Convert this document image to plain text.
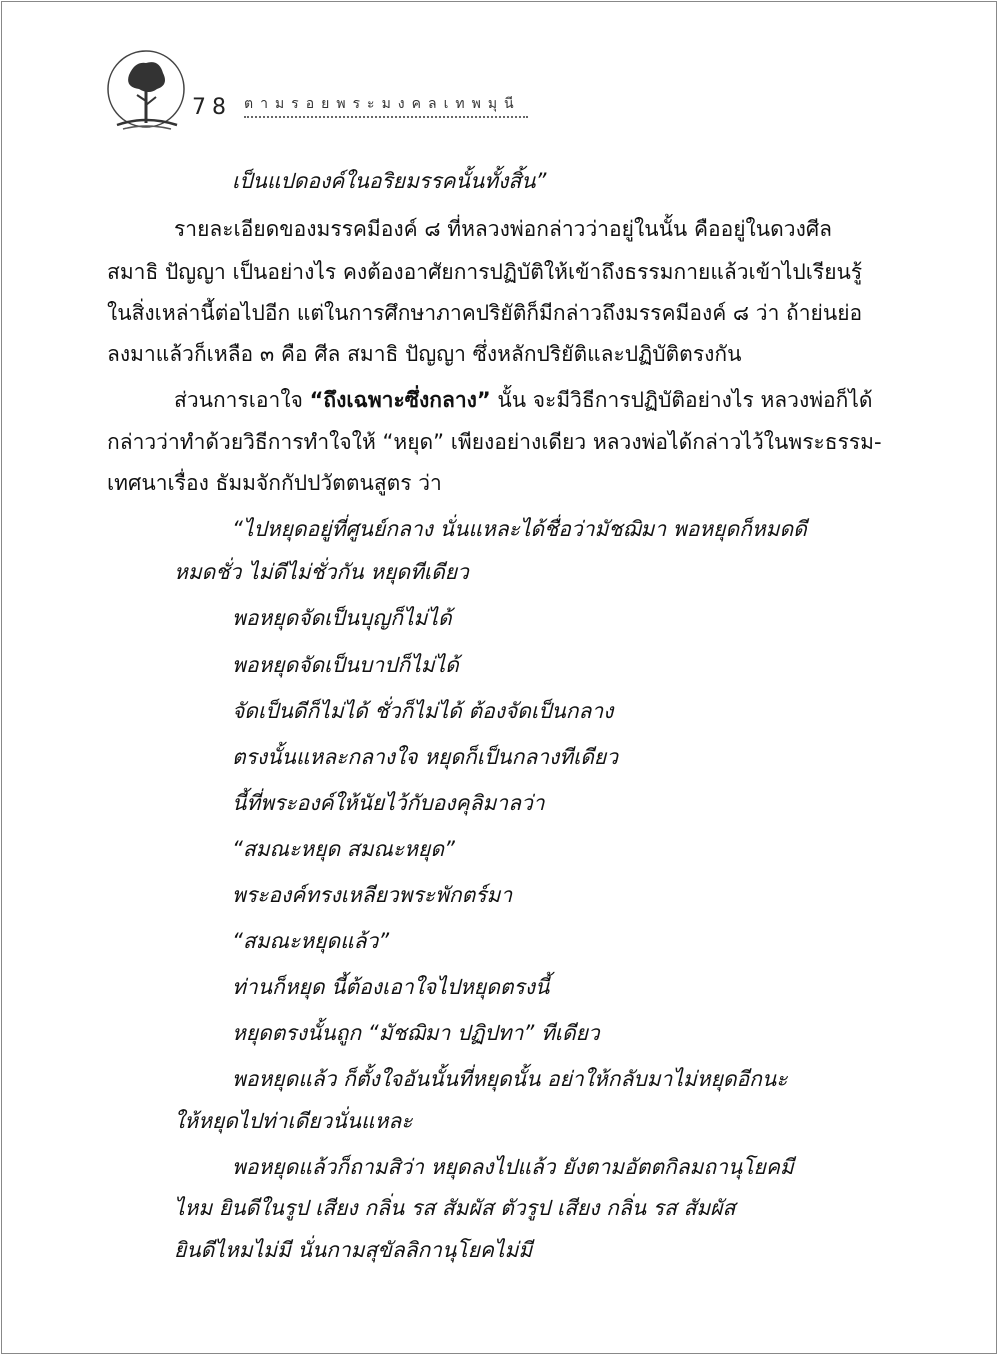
78 ตามรอยพระมงคลเทพมุนี
เป็นแปดองค์ในอริยมรรคนั้นทั้งสิ้น”
รายละเอียดของมรรคมีองค์ ๘ ที่หลวงพ่อกล่าวว่าอยู่ในนั้น คืออยู่ในดวงศีล
สมาธิ ปัญญา เป็นอย่างไร คงต้องอาศัยการปฏิบัติให้เข้าถึงธรรมกายแล้วเข้าไปเรียนรู้
ในสิ่งเหล่านี้ต่อไปอีก แต่ในการศึกษาภาคปริยัติก็มีกล่าวถึงมรรคมีองค์ ๘ ว่า ถ้าย่นย่อ
ลงมาแล้วก็เหลือ ๓ คือ ศีล สมาธิ ปัญญา ซึ่งหลักปริยัติและปฏิบัติตรงกัน
ส่วนการเอาใจ “ถึงเฉพาะซึ่งกลาง” นั้น จะมีวิธีการปฏิบัติอย่างไร หลวงพ่อก็ได้
กล่าวว่าทำด้วยวิธีการทำใจให้ “หยุด” เพียงอย่างเดียว หลวงพ่อได้กล่าวไว้ในพระธรรม-
เทศนาเรื่อง ธัมมจักกัปปวัตตนสูตร ว่า
“ไปหยุดอยู่ที่ศูนย์กลาง นั่นแหละได้ชื่อว่ามัชฌิมา พอหยุดก็หมดดี
หมดชั่ว ไม่ดีไม่ชั่วกัน หยุดทีเดียว
พอหยุดจัดเป็นบุญก็ไม่ได้
พอหยุดจัดเป็นบาปก็ไม่ได้
จัดเป็นดีก็ไม่ได้ ชั่วก็ไม่ได้ ต้องจัดเป็นกลาง
ตรงนั้นแหละกลางใจ หยุดก็เป็นกลางทีเดียว
นี้ที่พระองค์ให้นัยไว้กับองคุลิมาลว่า
“สมณะหยุด สมณะหยุด”
พระองค์ทรงเหลียวพระพักตร์มา
“สมณะหยุดแล้ว”
ท่านก็หยุด นี้ต้องเอาใจไปหยุดตรงนี้
หยุดตรงนั้นถูก “มัชฌิมา ปฏิปทา” ทีเดียว
พอหยุดแล้ว ก็ตั้งใจอันนั้นที่หยุดนั้น อย่าให้กลับมาไม่หยุดอีกนะ
ให้หยุดไปท่าเดียวนั่นแหละ
พอหยุดแล้วก็ถามสิว่า หยุดลงไปแล้ว ยังตามอัตตกิลมถานุโยคมี
ไหม ยินดีในรูป เสียง กลิ่น รส สัมผัส ตัวรูป เสียง กลิ่น รส สัมผัส
ยินดีไหมไม่มี นั่นกามสุขัลลิกานุโยคไม่มี
